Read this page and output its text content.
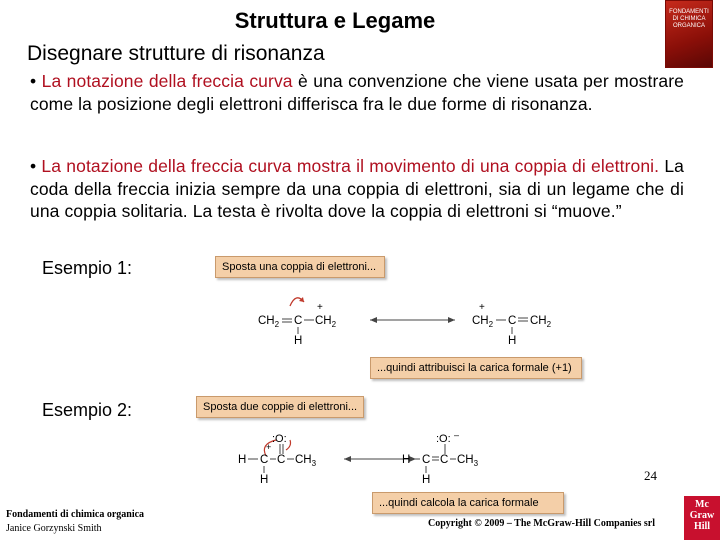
Struttura e Legame
Disegnare strutture di risonanza
FONDAMENTI DI CHIMICA ORGANICA
• La notazione della freccia curva è una convenzione che viene usata per mostrare come la posizione degli elettroni differisca fra le due forme di risonanza.
• La notazione della freccia curva mostra il movimento di una coppia di elettroni. La coda della freccia inizia sempre da una coppia di elettroni, sia di un legame che di una coppia solitaria. La testa è rivolta dove la coppia di elettroni si “muove.”
Esempio 1:	Sposta una coppia di elettroni...
...quindi attribuisci la carica formale (+1)
+
$CH_2$ C $CH_2$
H
+
$CH_2$ C $CH_2$
H
Esempio 2:	Sposta due coppie di elettroni...
...quindi calcola la carica formale
:O:
+
H C C $CH_3$
H
:O: –
H C C $CH_3$
H	24
Fondamenti di chimica organica
Janice Gorzynski Smith	Copyright © 2009 – The McGraw-Hill Companies srl
Mc Graw Hill
